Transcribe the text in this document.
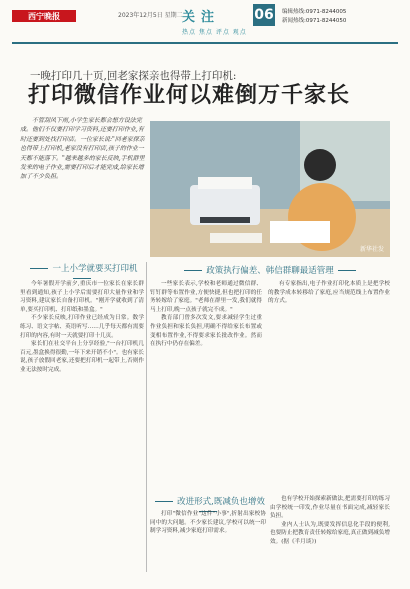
西宁晚报	2023年12月5日 星期二 关注
热点 焦点 评点 观点
06 编辑热线:0971-8244005
新闻热线:0971-8244050
一晚打印几十页,回老家探亲也得带上打印机:
打印微信作业何以难倒万千家长

不管刮风下雨,小学生家长都会想方设法完成。他们不仅要打印学习资料,还要打印作业,有时还要到处找打印店。一位家长说:"回老家探亲也得带上打印机,老家没有打印店,孩子的作业一天都不能落下。"越来越多的家长反映,手机群里发来的电子作业,需要打印后才能完成,给家长增加了不少负担。

新华社发
一上小学就要买打印机	政策执行偏差、韩信群聊最适管理
改进形式,既减负也增效

今年暑假开学前夕,重庆市一位家长在家长群里看到通知,孩子上小学后需要打印大量作业和学习资料,建议家长自备打印机。"刚开学就收到了清单,要买打印机、打印纸和墨盒。"

不少家长反映,打印作业已经成为日常。数学练习、语文字帖、英语听写……几乎每天都有需要打印的内容,有时一天就要打印十几页。

家长们在社交平台上分享经验,"一台打印机几百元,墨盒换得很勤,一年下来开销不小"。也有家长说,孩子放假回老家,还要把打印机一起带上,否则作业无法按时完成。

一些家长表示,学校和老师通过微信群、钉钉群等布置作业,方便快捷,但也把打印的任务转嫁给了家庭。"老师在群里一发,我们就得马上打印,晚一点孩子就完不成。"

教育部门曾多次发文,要求减轻学生过重作业负担和家长负担,明确不得给家长布置或变相布置作业,不得要求家长批改作业。然而在执行中仍存在偏差。

有专家指出,电子作业打印化本质上是把学校的教学成本转移给了家庭,应当规范线上布置作业的方式。

打印"微信作业"这件"小事",折射出家校协同中的大问题。不少家长建议,学校可以统一印制学习资料,减少家庭打印需求。

也有学校开始探索新做法,把需要打印的练习由学校统一印发,作业尽量在书面完成,减轻家长负担。

业内人士认为,既要发挥信息化手段的便利,也要防止把教育责任转嫁给家庭,真正做到减负增效。(据《半月谈》)
